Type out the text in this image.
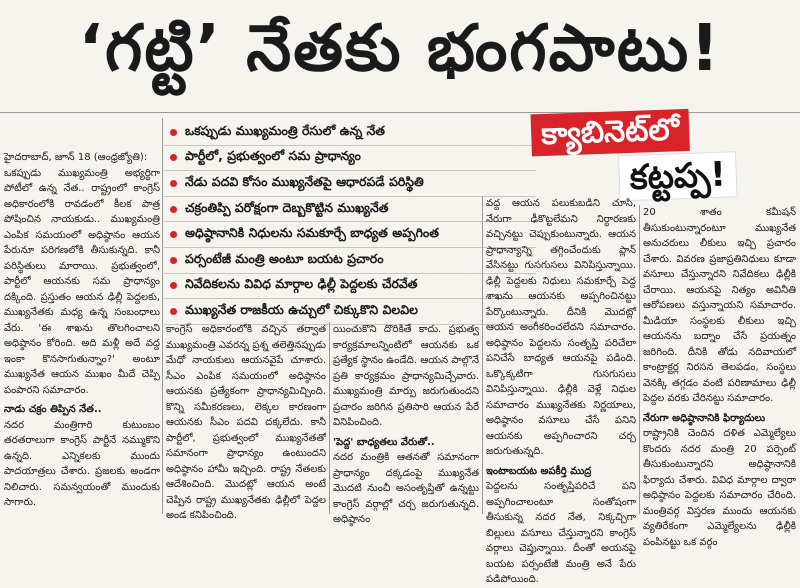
‘గట్టి’ నేతకు భంగపాటు!

హైదరాబాద్, జూన్ 18 (ఆంధ్రజ్యోతి):

ఒకప్పుడు ముఖ్యమంత్రి అభ్యర్థిగా పోటీలో ఉన్న నేత.. రాష్ట్రంలో కాంగ్రెస్ అధికారంలోకి రావడంలో కీలక పాత్ర పోషించిన నాయకుడు.. ముఖ్యమంత్రి ఎంపిక సమయంలో అధిష్ఠానం ఆయన పేరునూ పరిగణలోకి తీసుకున్నది. కానీ పరిస్థితులు మారాయి. ప్రభుత్వంలో, పార్టీలో ఆయనకు సమ ప్రాధాన్యం దక్కింది. ప్రస్తుతం ఆయన ఢిల్లీ పెద్దలకు, ముఖ్యనేతకు మధ్య ఉన్న సంబంధాలు వేరు. 'ఈ శాఖను తొలగించాలని అధిష్ఠానం కోరింది. అది మళ్లీ అదే వద్ద ఇంకా కొనసాగుతున్నాం?' అంటూ ముఖ్యనేత ఆయన ముఖం మీదే చెప్పి పంపారని సమాచారం.

నాడు చక్రం తిప్పిన నేత..

నదర మంత్రిగారి కుటుంబం తరతరాలుగా కాంగ్రెస్ పార్టీనే నమ్ముకొని ఉన్నది. ఎన్నికలకు ముందు పాదయాత్రలు చేశారు. ప్రజలకు అండగా నిలిచారు. సమన్వయంతో ముందుకు సాగారు.

ఒకప్పుడు ముఖ్యమంత్రి రేసులో ఉన్న నేత
పార్టీలో, ప్రభుత్వంలో సమ ప్రాధాన్యం
నేడు పదవి కోసం ముఖ్యనేతపై ఆధారపడే పరిస్థితి
చక్రంతిప్పి పరోక్షంగా దెబ్బకొట్టిన ముఖ్యనేత
అధిష్ఠానానికి నిధులను సమకూర్చే బాధ్యత అప్పగింత
పర్సంటేజీ మంత్రి అంటూ బయట ప్రచారం
నివేదికలను వివిధ మార్గాల ఢిల్లీ పెద్దలకు చేరవేత
ముఖ్యనేత రాజకీయ ఉచ్చులో చిక్కుకొని విలవిల
క్యాబినెట్‌లో
కట్టప్ప!

కాంగ్రెస్ అధికారంలోకి వచ్చిన తర్వాత ముఖ్యమంత్రి ఎవరన్న ప్రశ్న తలెత్తినప్పుడు మేధో నాయకులు ఆయనవైపే చూశారు. సీఎం ఎంపిక సమయంలో అధిష్ఠానం ఆయనకు ప్రత్యేకంగా ప్రాధాన్యమిచ్చింది. కొన్ని సమీకరణలు, లెక్కల కారణంగా ఆయనకు సీఎం పదవి దక్కలేదు. కానీ పార్టీలో, ప్రభుత్వంలో ముఖ్యనేతతో సమానంగా ప్రాధాన్యం ఉంటుందని అధిష్ఠానం హామీ ఇచ్చింది. రాష్ట్ర నేతలకు ఆదేశించింది. మొదట్లో ఆయన అంటే చెప్పిన రాష్ట్ర ముఖ్యనేతకు ఢిల్లీలో పెద్దల అండ కనిపించింది.

యించుకొని దొరికితే కాదు. ప్రభుత్వ కార్యక్రమాలన్నింటిలో ఆయనకు ఒక ప్రత్యేక స్థానం ఉండేది. ఆయన పాల్గొనే ప్రతి కార్యక్రమం ప్రాధాన్యమిచ్చేవారు. ముఖ్యమంత్రి మార్పు జరుగుతుందని ప్రచారం జరిగిన ప్రతిసారి ఆయన పేరే వినిపించింది.

'పెద్ద' బాధ్యతలు వేరుతో..

నదర మంత్రికి ఆతనతో సమానంగా ప్రాధాన్యం దక్కడంపై ముఖ్యనేత మొదటి నుంచీ అసంతృప్తితో ఉన్నట్టు కాంగ్రెస్ వర్గాల్లో చర్చ జరుగుతున్నది. అధిష్ఠానం

వద్ద ఆయన పలుకుబడిని చూసి, నేరుగా ఢీకొట్టలేమని నిర్ధారణకు వచ్చినట్టు చెప్పుకుంటున్నారు. ఆయన ప్రాధాన్యాన్ని తగ్గించేందుకు ప్లాన్ వేసినట్టు గుసగుసలు వినిపిస్తున్నాయి. ఢిల్లీ పెద్దలకు నిధులు సమకూర్చే పెద్ద శాఖను ఆయనకు అప్పగించినట్టు పేర్కొంటున్నారు. దీనికి మొదట్లో ఆయన అంగీకరించలేదని సమాచారం. అధిష్ఠానం పెద్దలను సంతృప్తి పరిచేలా పనిచేసే బాధ్యత ఆయనపై పడింది. ఒక్కొక్కటిగా గుసగుసలు వినిపిస్తున్నాయి. ఢిల్లీకి వెళ్లే నిధుల సమాచారం ముఖ్యనేతకు నిర్ణయాలు, అధిష్ఠానం వసూలు చేసే పనిని ఆయనకు అప్పగించారని చర్చ జరుగుతున్నది.

ఇంటాబయట అపకీర్తి ముద్ర

పెద్దలను సంతృప్తిపరిచే పని అప్పగించాలంటూ సంతోషంగా తీసుకున్న నదర నేత, నిక్కచ్చిగా బిల్లులు వసూలు చేస్తున్నారని కాంగ్రెస్ వర్గాలు చెప్తున్నాయి. దీంతో అయనపై బయట పర్సంటేజీ మంత్రి అనే పేరు పడిపోయింది.

20 శాతం కమీషన్ తీసుకుంటున్నారంటూ ముఖ్యనేత అనుచరులు లీకులు ఇచ్చి ప్రచారం చేశారు. వివరణ ప్రజాప్రతినిధులు కూడా వసూలు చేస్తున్నారని నివేదికలు ఢిల్లీకి చేరాయి. ఆయనపై నిత్యం అవినీతి ఆరోపణలు వస్తున్నాయని సమాచారం. మీడియా సంస్థలకు లీకులు ఇచ్చి ఆయనను బద్నాం చేసే ప్రయత్నం జరిగింది. దీనికి తోడు నదివాయలో కాంట్రాక్టర్ల నిరసన తెలపడం, సంస్థలు వెనక్కి తగ్గడం వంటి పరిణామాలు ఢిల్లీ పెద్దల వరకు చేరినట్టు సమాచారం.

నేరుగా అధిష్ఠానానికి ఫిర్యాదులు

రాష్ట్రానికి చెందిన దళిత ఎమ్మెల్యేలు కొందరు నదర మంత్రి 20 పర్సెంట్ తీసుకుంటున్నారని అధిష్ఠానానికి ఫిర్యాదు చేశారు. వివిధ మార్గాల ద్వారా అధిష్ఠానం పెద్దలకు సమాచారం చేరింది. మంత్రివర్గ విస్తరణ ముందు ఆయనకు వ్యతిరేకంగా ఎమ్మెల్యేలను ఢిల్లీకి పంపినట్టు ఒక వర్గం
